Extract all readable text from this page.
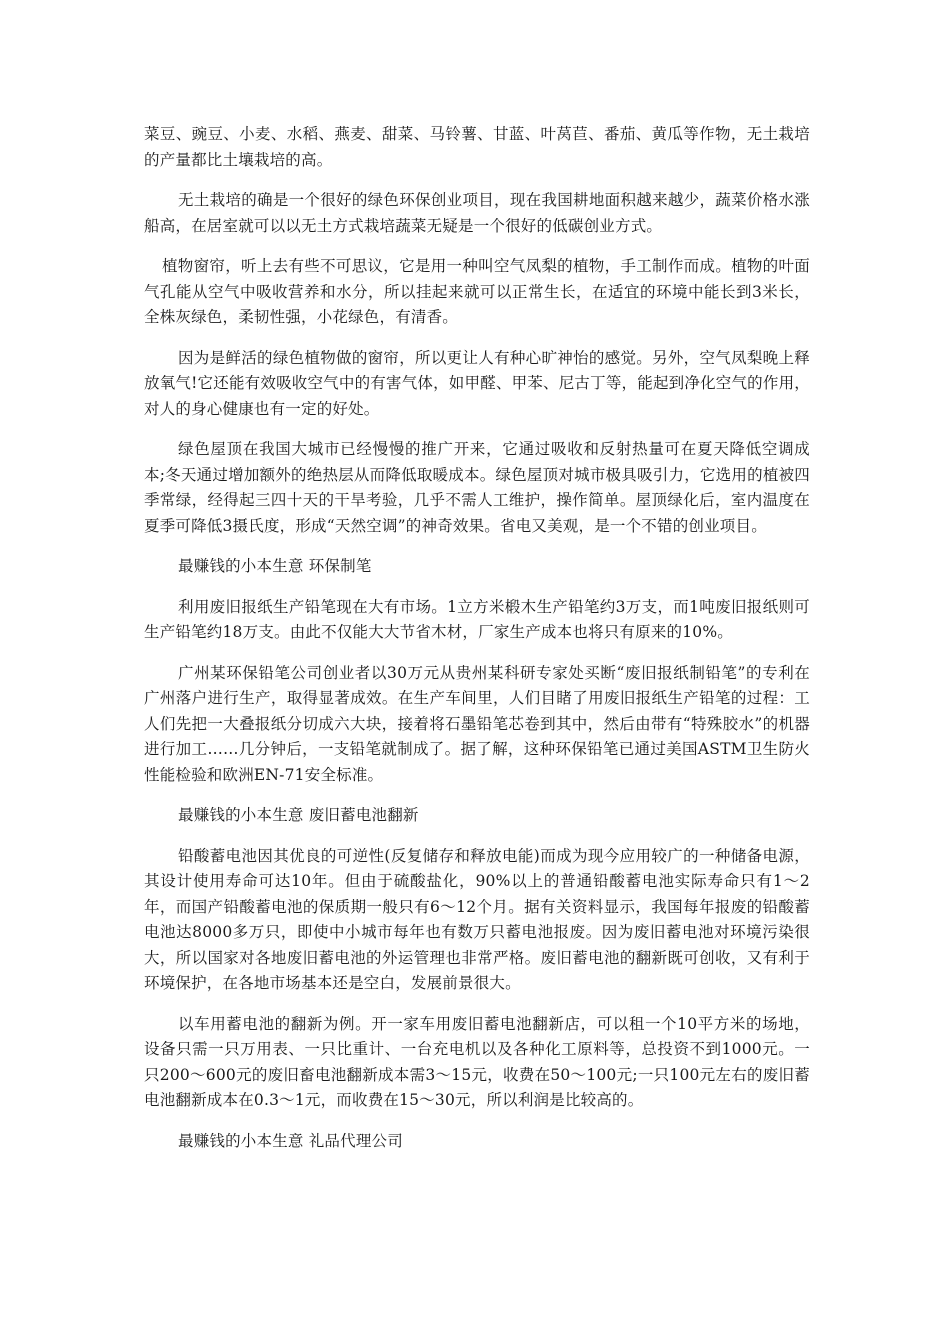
菜豆、豌豆、小麦、水稻、燕麦、甜菜、马铃薯、甘蓝、叶莴苣、番茄、黄瓜等作物，无土栽培的产量都比土壤栽培的高。

无土栽培的确是一个很好的绿色环保创业项目，现在我国耕地面积越来越少，蔬菜价格水涨船高，在居室就可以以无土方式栽培蔬菜无疑是一个很好的低碳创业方式。

植物窗帘，听上去有些不可思议，它是用一种叫空气凤梨的植物，手工制作而成。植物的叶面气孔能从空气中吸收营养和水分，所以挂起来就可以正常生长，在适宜的环境中能长到3米长，全株灰绿色，柔韧性强，小花绿色，有清香。

因为是鲜活的绿色植物做的窗帘，所以更让人有种心旷神怡的感觉。另外，空气凤梨晚上释放氧气!它还能有效吸收空气中的有害气体，如甲醛、甲苯、尼古丁等，能起到净化空气的作用，对人的身心健康也有一定的好处。

绿色屋顶在我国大城市已经慢慢的推广开来，它通过吸收和反射热量可在夏天降低空调成本;冬天通过增加额外的绝热层从而降低取暖成本。绿色屋顶对城市极具吸引力，它选用的植被四季常绿，经得起三四十天的干旱考验，几乎不需人工维护，操作简单。屋顶绿化后，室内温度在夏季可降低3摄氏度，形成“天然空调”的神奇效果。省电又美观，是一个不错的创业项目。

最赚钱的小本生意 环保制笔

利用废旧报纸生产铅笔现在大有市场。1立方米椴木生产铅笔约3万支，而1吨废旧报纸则可生产铅笔约18万支。由此不仅能大大节省木材，厂家生产成本也将只有原来的10%。

广州某环保铅笔公司创业者以30万元从贵州某科研专家处买断“废旧报纸制铅笔”的专利在广州落户进行生产，取得显著成效。在生产车间里，人们目睹了用废旧报纸生产铅笔的过程：工人们先把一大叠报纸分切成六大块，接着将石墨铅笔芯卷到其中，然后由带有“特殊胶水”的机器进行加工……几分钟后，一支铅笔就制成了。据了解，这种环保铅笔已通过美国ASTM卫生防火性能检验和欧洲EN-71安全标准。

最赚钱的小本生意 废旧蓄电池翻新

铅酸蓄电池因其优良的可逆性(反复储存和释放电能)而成为现今应用较广的一种储备电源，其设计使用寿命可达10年。但由于硫酸盐化，90%以上的普通铅酸蓄电池实际寿命只有1～2年，而国产铅酸蓄电池的保质期一般只有6～12个月。据有关资料显示，我国每年报废的铅酸蓄电池达8000多万只，即使中小城市每年也有数万只蓄电池报废。因为废旧蓄电池对环境污染很大，所以国家对各地废旧蓄电池的外运管理也非常严格。废旧蓄电池的翻新既可创收，又有利于环境保护，在各地市场基本还是空白，发展前景很大。

以车用蓄电池的翻新为例。开一家车用废旧蓄电池翻新店，可以租一个10平方米的场地，设备只需一只万用表、一只比重计、一台充电机以及各种化工原料等，总投资不到1000元。一只200～600元的废旧畜电池翻新成本需3～15元，收费在50～100元;一只100元左右的废旧蓄电池翻新成本在0.3～1元，而收费在15～30元，所以利润是比较高的。

最赚钱的小本生意 礼品代理公司
